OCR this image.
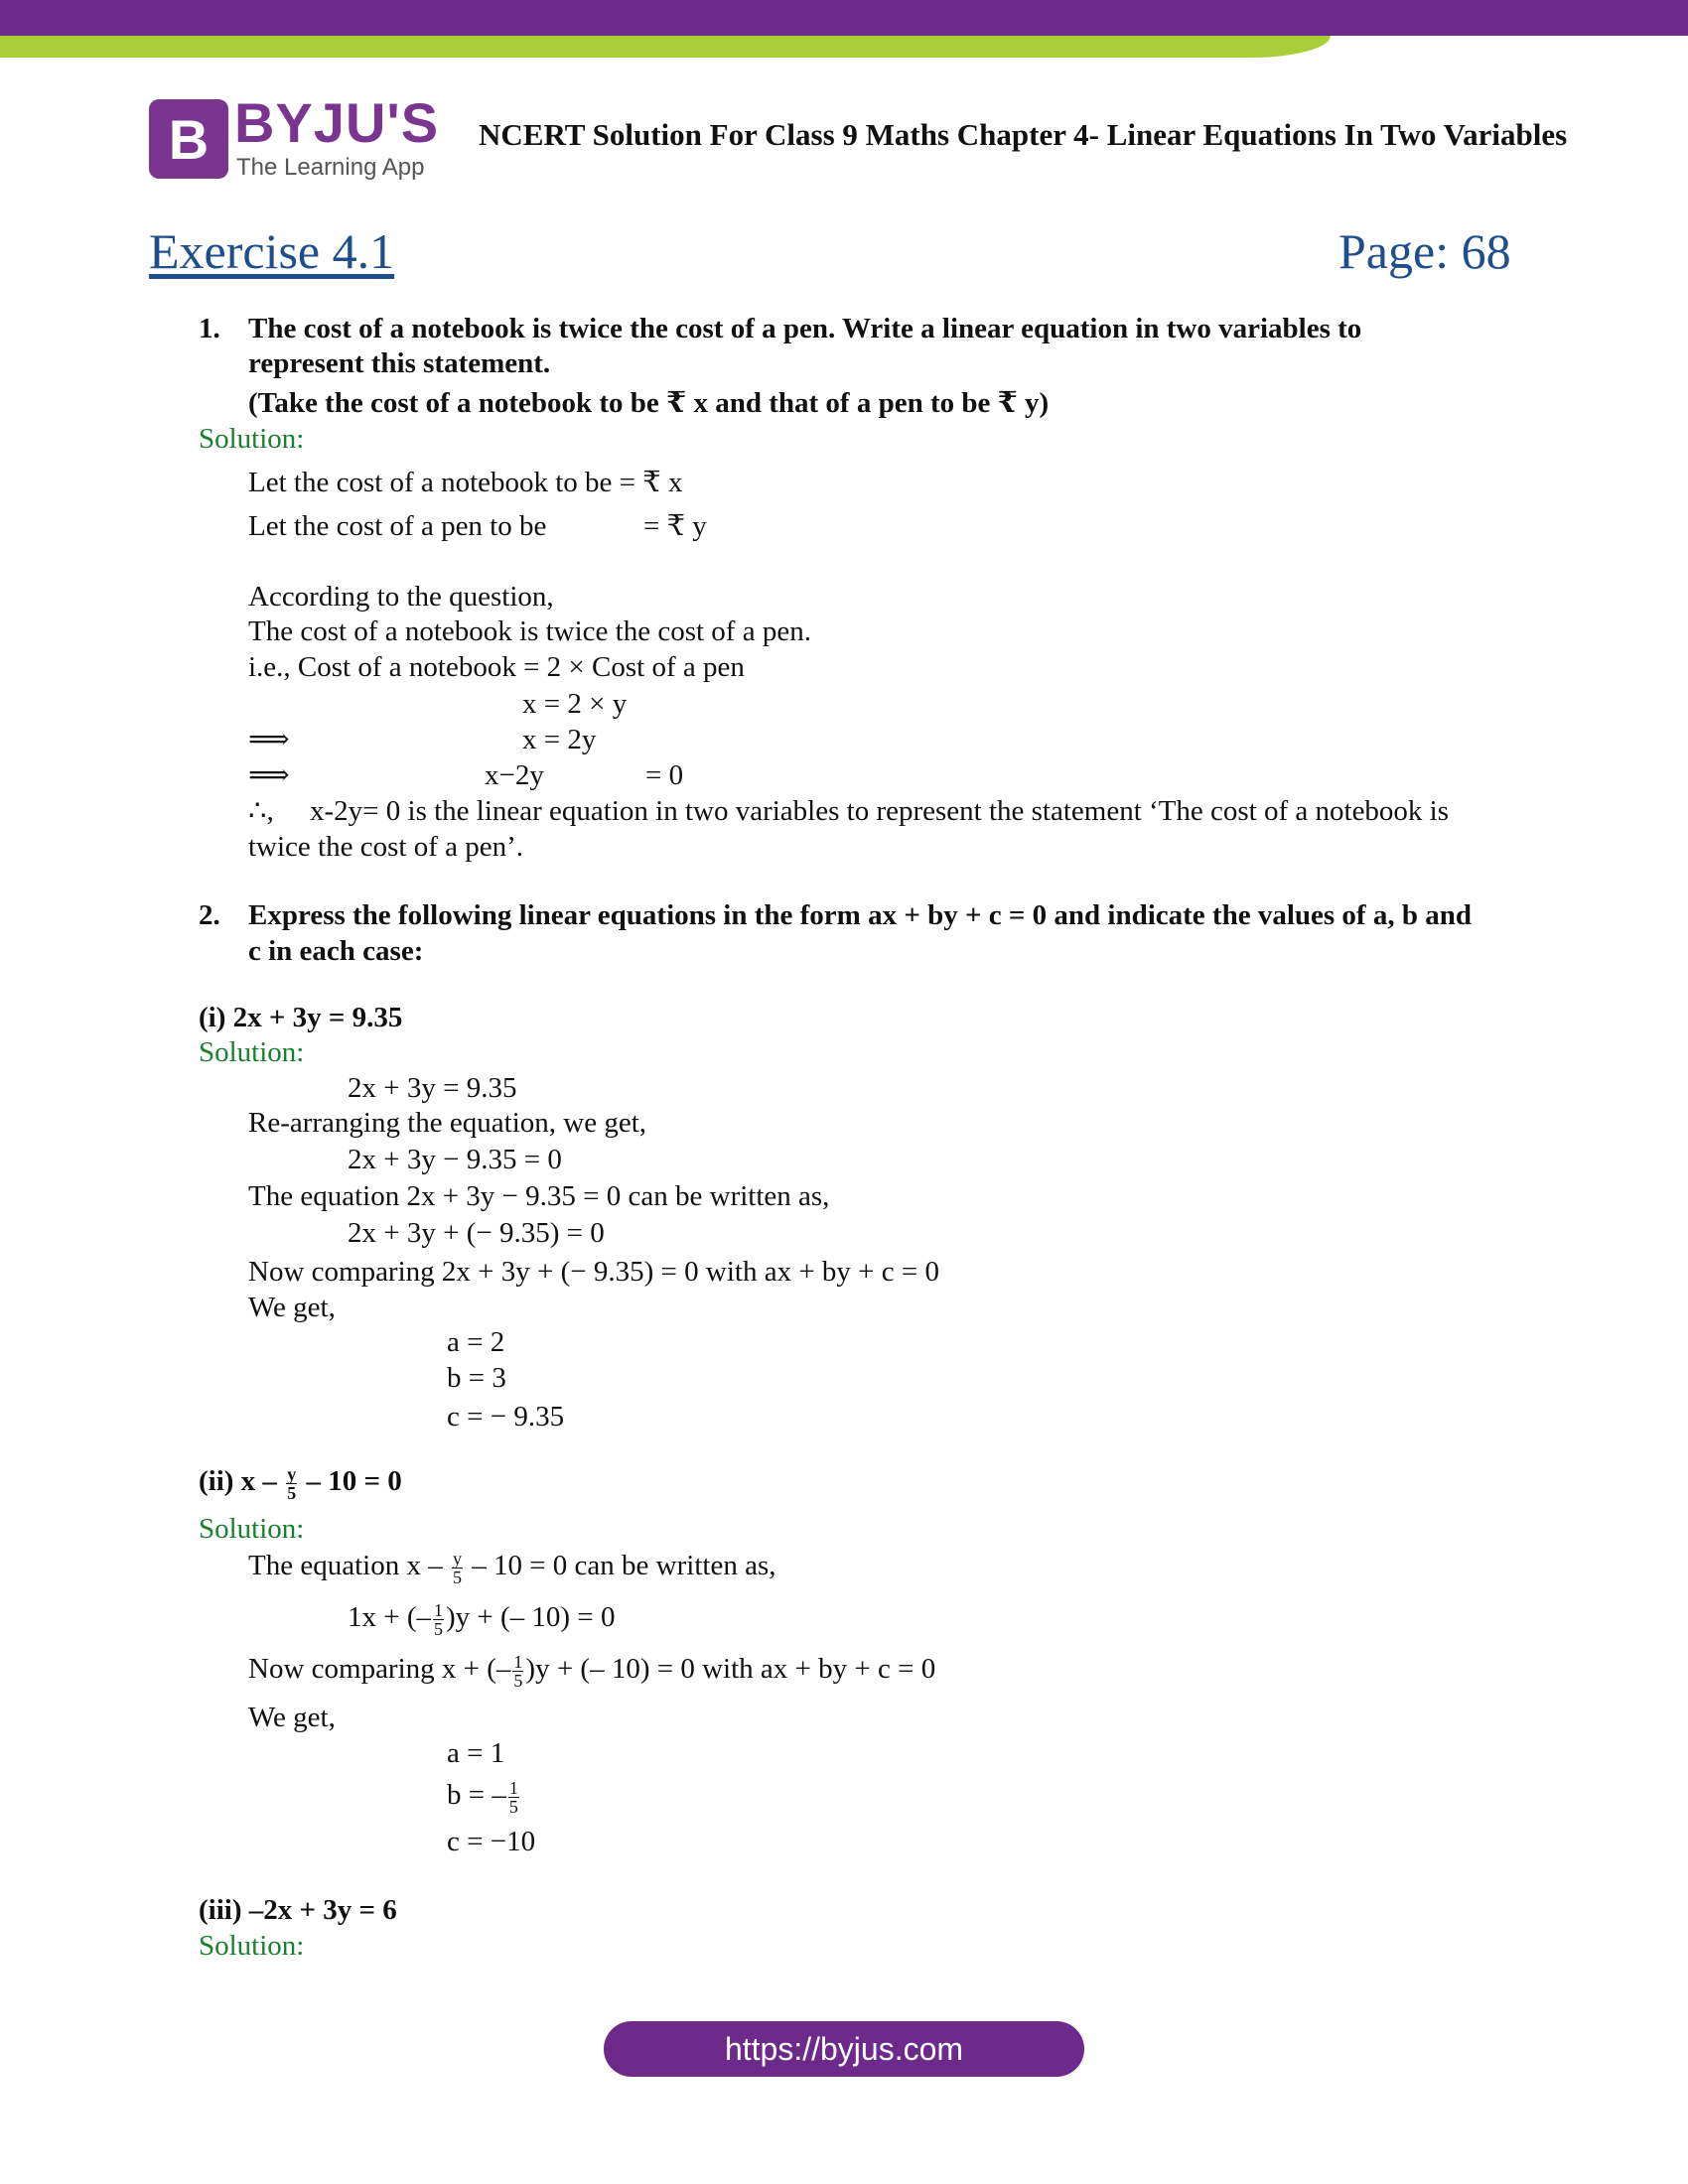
B BYJU'S
The Learning App
NCERT Solution For Class 9 Maths Chapter 4- Linear Equations In Two Variables
Exercise 4.1	Page: 68
1. The cost of a notebook is twice the cost of a pen. Write a linear equation in two variables to
represent this statement.
(Take the cost of a notebook to be ₹ x and that of a pen to be ₹ y)
Solution:
Let the cost of a notebook to be = ₹ x
Let the cost of a pen to be	= ₹ y
According to the question,
The cost of a notebook is twice the cost of a pen.
i.e., Cost of a notebook = 2 × Cost of a pen
x = 2 × y
⟹	x = 2y
⟹	x−2y	= 0
∴, x-2y= 0 is the linear equation in two variables to represent the statement ‘The cost of a notebook is
twice the cost of a pen’.
2. Express the following linear equations in the form ax + by + c = 0 and indicate the values of a, b and
c in each case:
(i) 2x + 3y = 9.35
Solution:
2x + 3y = 9.35
Re-arranging the equation, we get,
2x + 3y − 9.35 = 0
The equation 2x + 3y − 9.35 = 0 can be written as,
2x + 3y + (− 9.35) = 0
Now comparing 2x + 3y + (− 9.35) = 0 with ax + by + c = 0
We get,
a = 2
b = 3
c = − 9.35
(ii) $x - \frac{y}{5} - 10 = 0$
Solution:
The equation $x - \frac{y}{5} - 10 = 0$ can be written as,
1x + (– $\frac{1}{5} )y$ + (– 10) = 0
Now comparing x + (– $\frac{1}{5} )y$ + (– 10) = 0 with ax + by + c = 0
We get,
a = 1
b = – $\frac{1}{5}$
c = −10
(iii) –2x + 3y = 6
Solution:
https://byjus.com
